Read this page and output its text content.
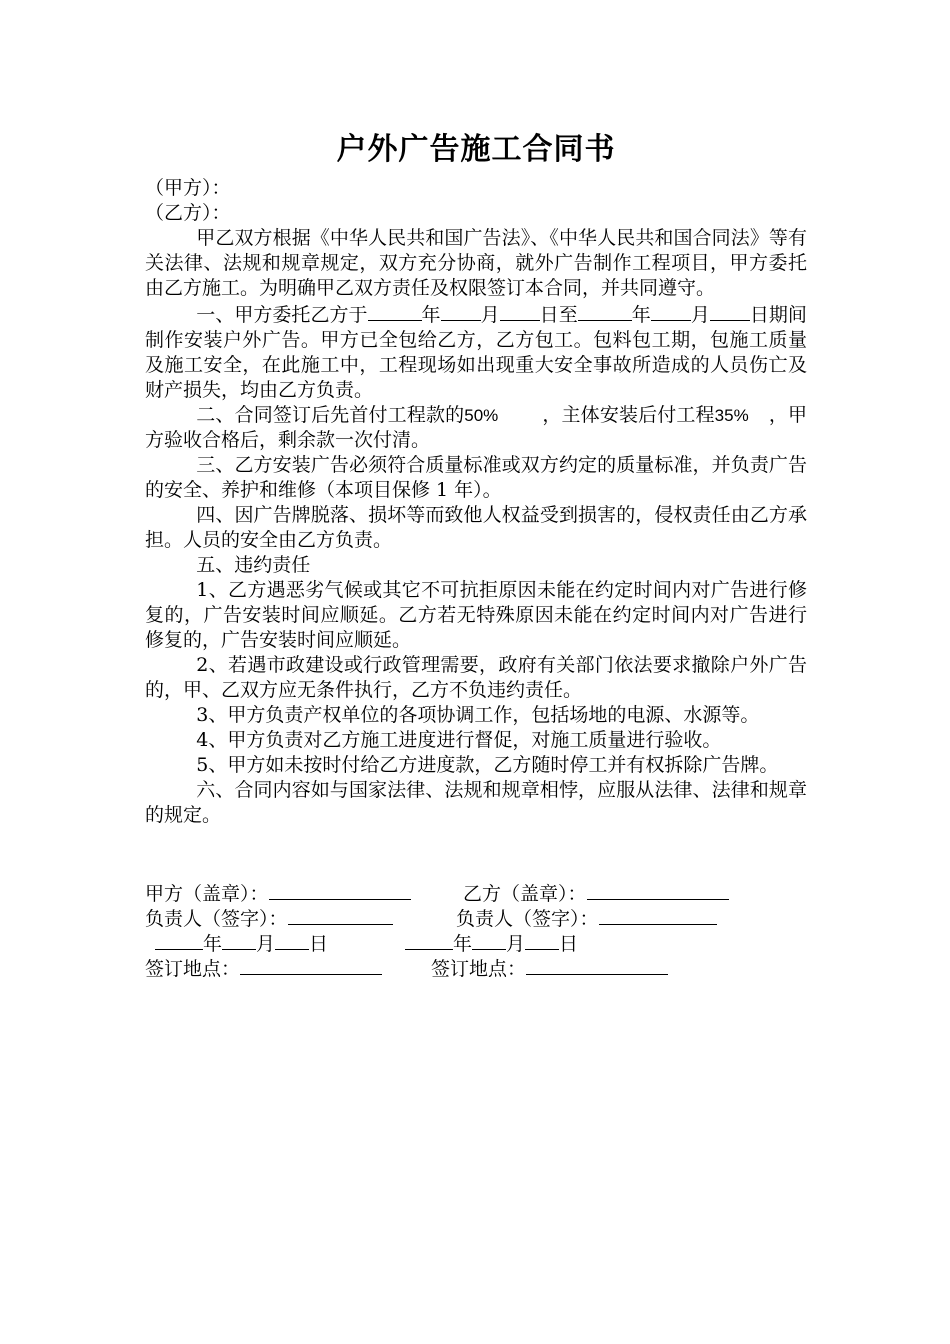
户外广告施工合同书

（甲方）：

（乙方）：

甲乙双方根据《中华人民共和国广告法》、《中华人民共和国合同法》等有关法律、法规和规章规定，双方充分协商，就外广告制作工程项目，甲方委托由乙方施工。为明确甲乙双方责任及权限签订本合同，并共同遵守。

一、甲方委托乙方于	年 月 日至	年 月 日期间制作安装户外广告。甲方已全包给乙方，乙方包工。包料包工期，包施工质量及施工安全，在此施工中，工程现场如出现重大安全事故所造成的人员伤亡及财产损失，均由乙方负责。

二、合同签订后先首付工程款的50% ，主体安装后付工程35% ，甲方验收合格后，剩余款一次付清。

三、乙方安装广告必须符合质量标准或双方约定的质量标准，并负责广告的安全、养护和维修（本项目保修 1 年）。

四、因广告牌脱落、损坏等而致他人权益受到损害的，侵权责任由乙方承担。人员的安全由乙方负责。

五、违约责任

1、乙方遇恶劣气候或其它不可抗拒原因未能在约定时间内对广告进行修复的，广告安装时间应顺延。乙方若无特殊原因未能在约定时间内对广告进行修复的，广告安装时间应顺延。

2、若遇市政建设或行政管理需要，政府有关部门依法要求撤除户外广告的，甲、乙双方应无条件执行，乙方不负违约责任。

3、甲方负责产权单位的各项协调工作，包括场地的电源、水源等。

4、甲方负责对乙方施工进度进行督促，对施工质量进行验收。

5、甲方如未按时付给乙方进度款，乙方随时停工并有权拆除广告牌。

六、合同内容如与国家法律、法规和规章相悖，应服从法律、法律和规章的规定。

甲方（盖章）：	乙方（盖章）：

负责人（签字）：	负责人（签字）：

年 月 日	年 月 日

签订地点：	签订地点：
